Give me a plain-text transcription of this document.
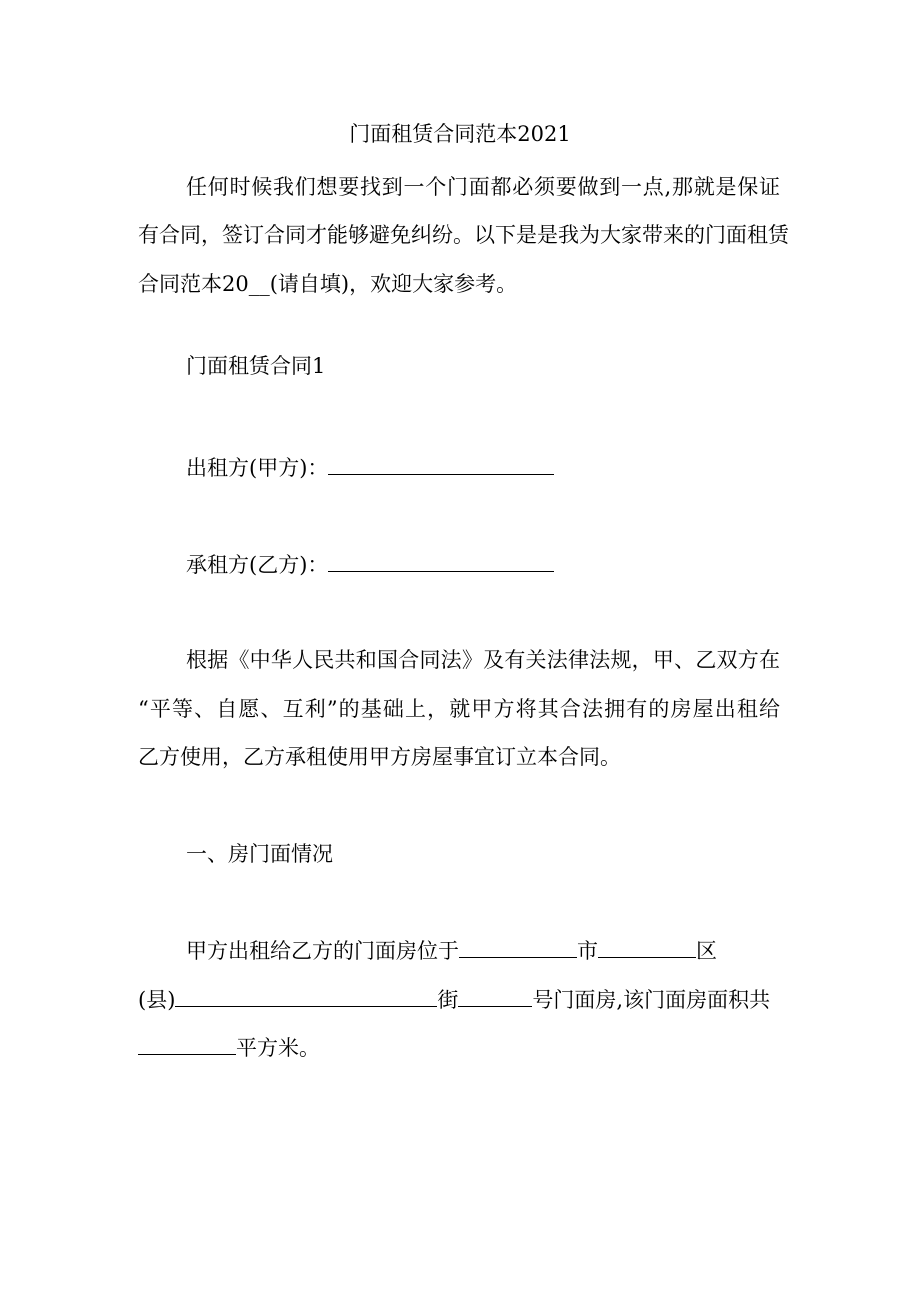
门面租赁合同范本2021
任何时候我们想要找到一个门面都必须要做到一点,那就是保证
有合同，签订合同才能够避免纠纷。以下是是我为大家带来的门面租赁
合同范本20__(请自填)，欢迎大家参考。
门面租赁合同1
出租方(甲方)：
承租方(乙方)：
根据《中华人民共和国合同法》及有关法律法规，甲、乙双方在
“平等、自愿、互利”的基础上，就甲方将其合法拥有的房屋出租给
乙方使用，乙方承租使用甲方房屋事宜订立本合同。
一、房门面情况
甲方出租给乙方的门面房位于	市	区
(县)	街	号门面房,该门面房面积共
平方米。
